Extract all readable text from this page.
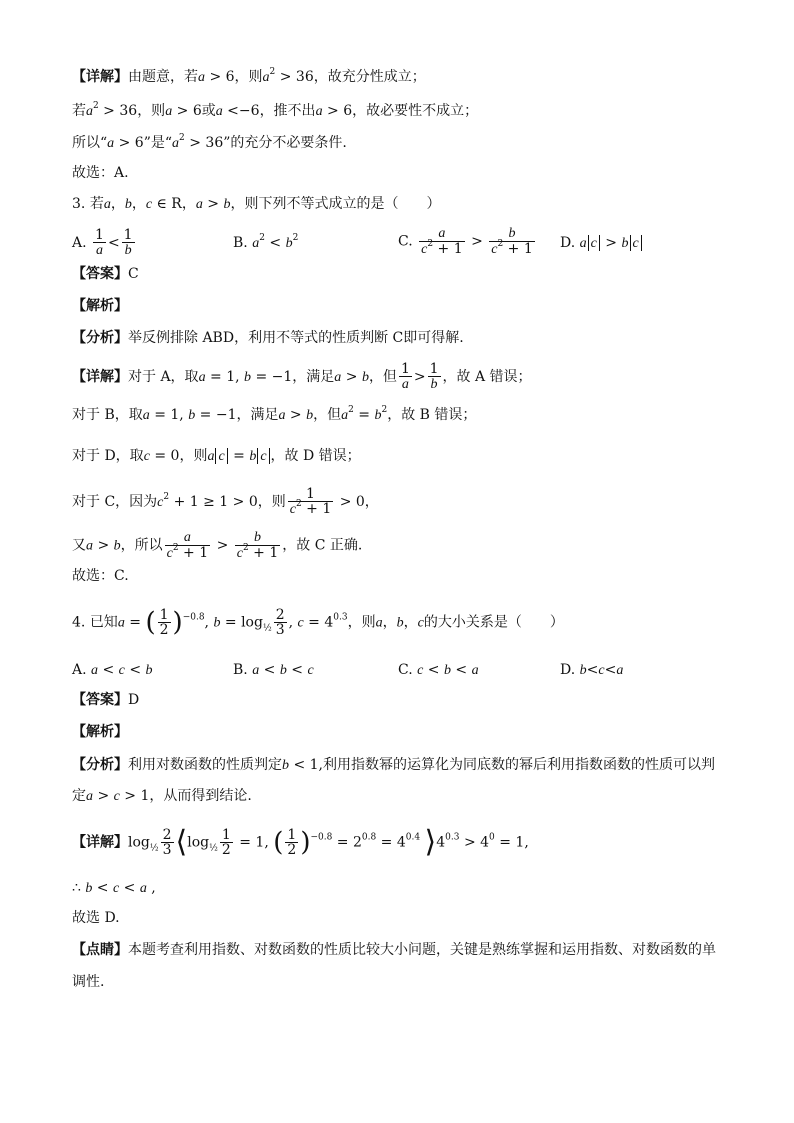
【详解】由题意，若a > 6，则$a^2 > 36$，故充分性成立；
若$a^2 > 36$，则a > 6或a <−6，推不出a > 6，故必要性不成立；
所以“a > 6”是“$a^2 > 36$”的充分不必要条件.
故选：A.
3. 若a，b，c ∈ R，a > b，则下列不等式成立的是（　　）
A. $\frac{1}{a} < \frac{1}{b}$	B. $a^2 < b^2$	C. $\frac{a}{c^2 + 1} > \frac{b}{c^2 + 1} D$. a c > b c
【答案】C
【解析】
【分析】举反例排除 ABD，利用不等式的性质判断 C即可得解.
【详解】对于 A，取a = 1, b = −1，满足a > b，但 $\frac{1}{a} > \frac{1}{b}$ ，故 A 错误；
对于 B，取a = 1, b = −1，满足a > b，但$a^2 = b^2$，故 B 错误；
对于 D，取c = 0，则a c = b c ，故 D 错误；
对于 C，因为$c^2 + 1 \ge 1 > 0$，则 $\frac{1}{c^2 + 1} > 0$，
又a > b，所以 $\frac{a}{c^2 + 1} > \frac{b}{c^2 + 1}$ ，故 C 正确.
故选：C.
4. 已知a = ( $\frac{1}{2} )^{-0.8}$, $b = \log_{\frac{1}{2}} \frac{2}{3}$ , $c = 4^{0.3}$，则a，b，c的大小关系是（　　）
A. a < c < b	B. a < b < c	C. c < b < a	D. b<c<a
【答案】D
【解析】
【分析】利用对数函数的性质判定b < 1,利用指数幂的运算化为同底数的幂后利用指数函数的性质可以判
定a > c > 1，从而得到结论.
【详解】$\log_{\frac{1}{2}} \frac{2}{3}$ $⟨\log_{\frac{1}{2}} \frac{1}{2} = 1$, ( $\frac{1}{2} )^{-0.8} = 2^{0.8} = 4^{0.4}$ $⟩4^{0.3} > 4^0 = 1$,
∴ b < c < a ,
故选 D.
【点睛】本题考查利用指数、对数函数的性质比较大小问题，关键是熟练掌握和运用指数、对数函数的单
调性.
